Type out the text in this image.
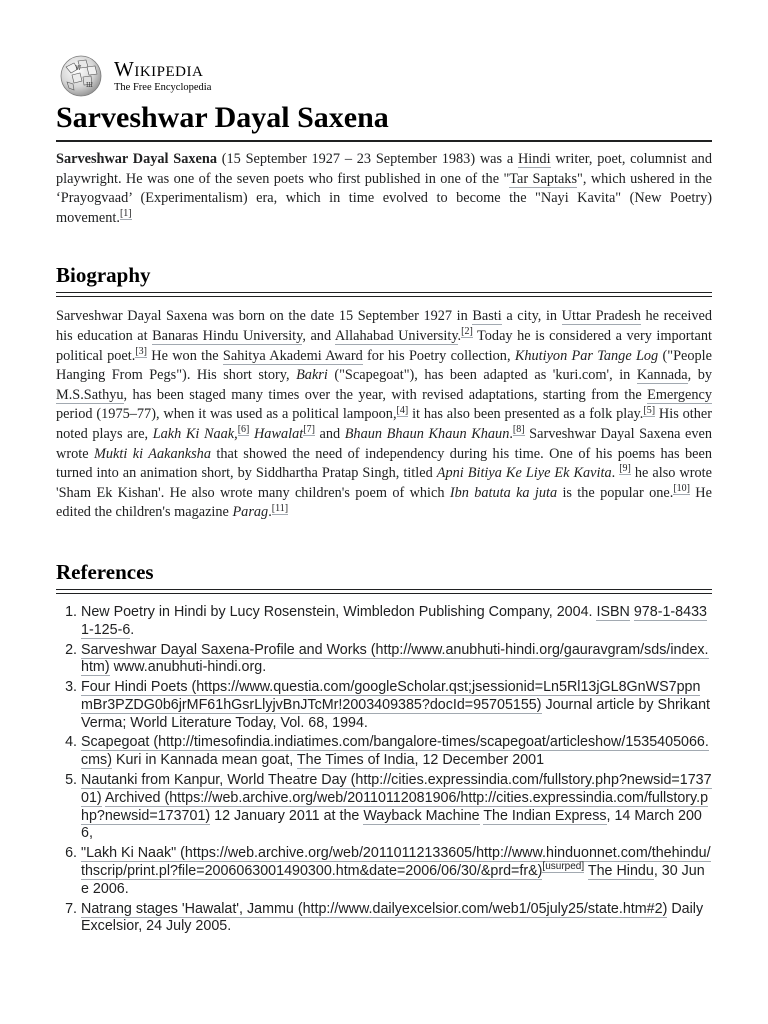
Ш
W Wikipedia
The Free Encyclopedia
Sarveshwar Dayal Saxena

Sarveshwar Dayal Saxena (15 September 1927 – 23 September 1983) was a Hindi writer, poet, columnist and playwright. He was one of the seven poets who first published in one of the "Tar Saptaks", which ushered in the ‘Prayogvaad’ (Experimentalism) era, which in time evolved to become the "Nayi Kavita" (New Poetry) movement.[1]

Biography

Sarveshwar Dayal Saxena was born on the date 15 September 1927 in Basti a city, in Uttar Pradesh he received his education at Banaras Hindu University, and Allahabad University.[2] Today he is considered a very important political poet.[3] He won the Sahitya Akademi Award for his Poetry collection, Khutiyon Par Tange Log ("People Hanging From Pegs"). His short story, Bakri ("Scapegoat"), has been adapted as 'kuri.com', in Kannada, by M.S.Sathyu, has been staged many times over the year, with revised adaptations, starting from the Emergency period (1975–77), when it was used as a political lampoon,[4] it has also been presented as a folk play.[5] His other noted plays are, Lakh Ki Naak,[6] Hawalat[7] and Bhaun Bhaun Khaun Khaun.[8] Sarveshwar Dayal Saxena even wrote Mukti ki Aakanksha that showed the need of independency during his time. One of his poems has been turned into an animation short, by Siddhartha Pratap Singh, titled Apni Bitiya Ke Liye Ek Kavita. [9] he also wrote 'Sham Ek Kishan'. He also wrote many children's poem of which Ibn batuta ka juta is the popular one.[10] He edited the children's magazine Parag.[11]

References
1. New Poetry in Hindi by Lucy Rosenstein, Wimbledon Publishing Company, 2004. ISBN 978-1-84331-125-6.
2. Sarveshwar Dayal Saxena-Profile and Works (http://www.anubhuti-hindi.org/gauravgram/sds/index.htm) www.anubhuti-hindi.org.
3. Four Hindi Poets (https://www.questia.com/googleScholar.qst;jsessionid=Ln5Rl13jGL8GnWS7ppnmBr3PZDG0b6jrMF61hGsrLlyjvBnJTcMr!2003409385?docId=95705155) Journal article by Shrikant Verma; World Literature Today, Vol. 68, 1994.
4. Scapegoat (http://timesofindia.indiatimes.com/bangalore-times/scapegoat/articleshow/1535405066.cms) Kuri in Kannada mean goat, The Times of India, 12 December 2001
5. Nautanki from Kanpur, World Theatre Day (http://cities.expressindia.com/fullstory.php?newsid=173701) Archived (https://web.archive.org/web/20110112081906/http://cities.expressindia.com/fullstory.php?newsid=173701) 12 January 2011 at the Wayback Machine The Indian Express, 14 March 2006,
6. "Lakh Ki Naak" (https://web.archive.org/web/20110112133605/http://www.hinduonnet.com/thehindu/thscrip/print.pl?file=2006063001490300.htm&date=2006/06/30/&prd=fr&)[usurped] The Hindu, 30 June 2006.
7. Natrang stages 'Hawalat', Jammu (http://www.dailyexcelsior.com/web1/05july25/state.htm#2) Daily Excelsior, 24 July 2005.
